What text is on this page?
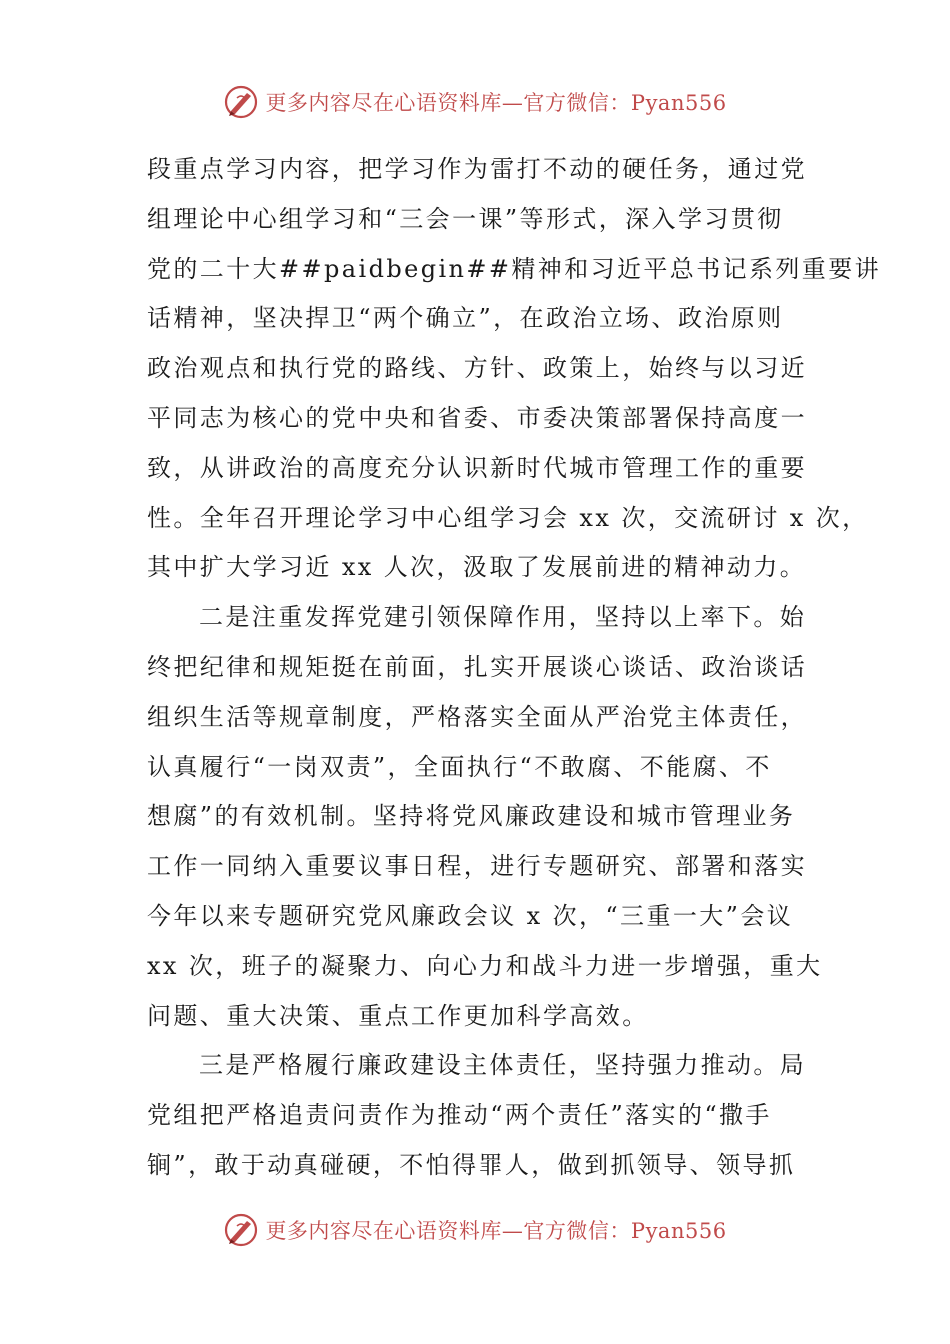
更多内容尽在心语资料库—官方微信：Pyan556
段重点学习内容，把学习作为雷打不动的硬任务，通过党
组理论中心组学习和“三会一课”等形式，深入学习贯彻
党的二十大##paidbegin##精神和习近平总书记系列重要讲
话精神，坚决捍卫“两个确立”，在政治立场、政治原则
政治观点和执行党的路线、方针、政策上，始终与以习近
平同志为核心的党中央和省委、市委决策部署保持高度一
致，从讲政治的高度充分认识新时代城市管理工作的重要
性。全年召开理论学习中心组学习会 xx 次，交流研讨 x 次，
其中扩大学习近 xx 人次，汲取了发展前进的精神动力。
二是注重发挥党建引领保障作用，坚持以上率下。始
终把纪律和规矩挺在前面，扎实开展谈心谈话、政治谈话
组织生活等规章制度，严格落实全面从严治党主体责任，
认真履行“一岗双责”，全面执行“不敢腐、不能腐、不
想腐”的有效机制。坚持将党风廉政建设和城市管理业务
工作一同纳入重要议事日程，进行专题研究、部署和落实
今年以来专题研究党风廉政会议 x 次，“三重一大”会议
xx 次，班子的凝聚力、向心力和战斗力进一步增强，重大
问题、重大决策、重点工作更加科学高效。
三是严格履行廉政建设主体责任，坚持强力推动。局
党组把严格追责问责作为推动“两个责任”落实的“撒手
锏”，敢于动真碰硬，不怕得罪人，做到抓领导、领导抓
更多内容尽在心语资料库—官方微信：Pyan556
